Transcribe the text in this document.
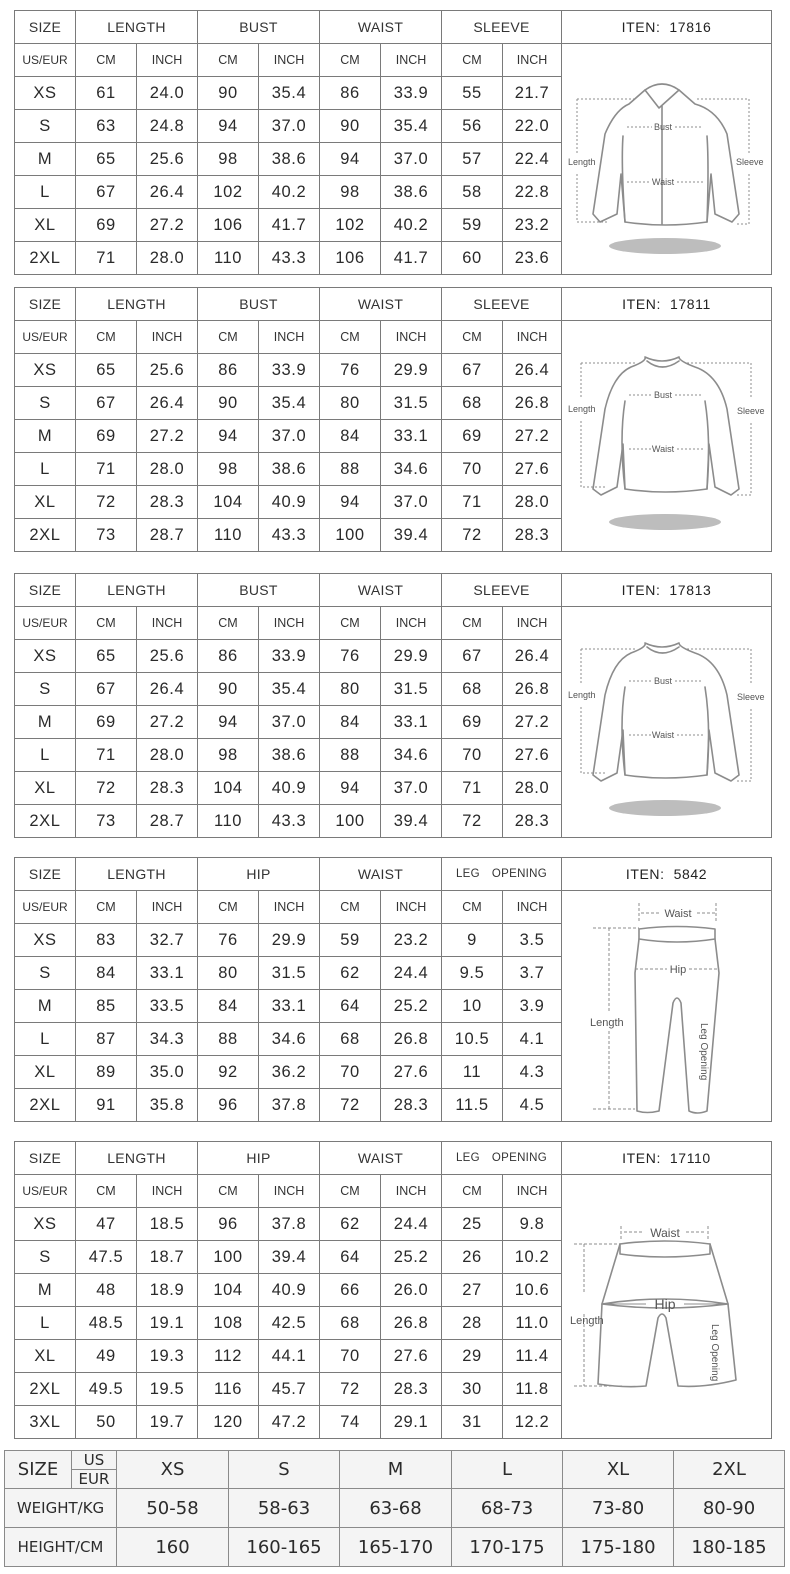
SIZE	LENGTH		BUST		WAIST		SLEEVE		ITEN: 17816
US/EUR	CM	INCH	CM	INCH	CM	INCH	CM	INCH	Bust
Waist
Length Sleeve

XS	61	24.0	90	35.4	86	33.9	55	21.7	
S	63	24.8	94	37.0	90	35.4	56	22.0	
M	65	25.6	98	38.6	94	37.0	57	22.4	
L	67	26.4	102	40.2	98	38.6	58	22.8	
XL	69	27.2	106	41.7	102	40.2	59	23.2	
2XL	71	28.0	110	43.3	106	41.7	60	23.6	
SIZE	LENGTH		BUST		WAIST		SLEEVE		ITEN: 17811
US/EUR	CM	INCH	CM	INCH	CM	INCH	CM	INCH	Bust
Waist
Length Sleeve

XS	65	25.6	86	33.9	76	29.9	67	26.4	
S	67	26.4	90	35.4	80	31.5	68	26.8	
M	69	27.2	94	37.0	84	33.1	69	27.2	
L	71	28.0	98	38.6	88	34.6	70	27.6	
XL	72	28.3	104	40.9	94	37.0	71	28.0	
2XL	73	28.7	110	43.3	100	39.4	72	28.3	
SIZE	LENGTH		BUST		WAIST		SLEEVE		ITEN: 17813
US/EUR	CM	INCH	CM	INCH	CM	INCH	CM	INCH	Bust
Waist
Length Sleeve

XS	65	25.6	86	33.9	76	29.9	67	26.4	
S	67	26.4	90	35.4	80	31.5	68	26.8	
M	69	27.2	94	37.0	84	33.1	69	27.2	
L	71	28.0	98	38.6	88	34.6	70	27.6	
XL	72	28.3	104	40.9	94	37.0	71	28.0	
2XL	73	28.7	110	43.3	100	39.4	72	28.3	
SIZE	LENGTH		HIP		WAIST		LEG OPENING		ITEN: 5842
US/EUR	CM	INCH	CM	INCH	CM	INCH	CM	INCH	Waist
Hip
Length Leg Opening

XS	83	32.7	76	29.9	59	23.2	9	3.5	
S	84	33.1	80	31.5	62	24.4	9.5	3.7	
M	85	33.5	84	33.1	64	25.2	10	3.9	
L	87	34.3	88	34.6	68	26.8	10.5	4.1	
XL	89	35.0	92	36.2	70	27.6	11	4.3	
2XL	91	35.8	96	37.8	72	28.3	11.5	4.5	
SIZE	LENGTH		HIP		WAIST		LEG OPENING		ITEN: 17110
US/EUR	CM	INCH	CM	INCH	CM	INCH	CM	INCH	Waist
Hip
Length
Leg Opening

XS	47	18.5	96	37.8	62	24.4	25	9.8	
S	47.5	18.7	100	39.4	64	25.2	26	10.2	
M	48	18.9	104	40.9	66	26.0	27	10.6	
L	48.5	19.1	108	42.5	68	26.8	28	11.0	
XL	49	19.3	112	44.1	70	27.6	29	11.4	
2XL	49.5	19.5	116	45.7	72	28.3	30	11.8	
3XL	50	19.7	120	47.2	74	29.1	31	12.2	
SIZE	US	XS	S	M	L	XL	2XL
	EUR						
WEIGHT/KG		50-58	58-63	63-68	68-73	73-80	80-90
HEIGHT/CM		160	160-165	165-170	170-175	175-180	180-185
